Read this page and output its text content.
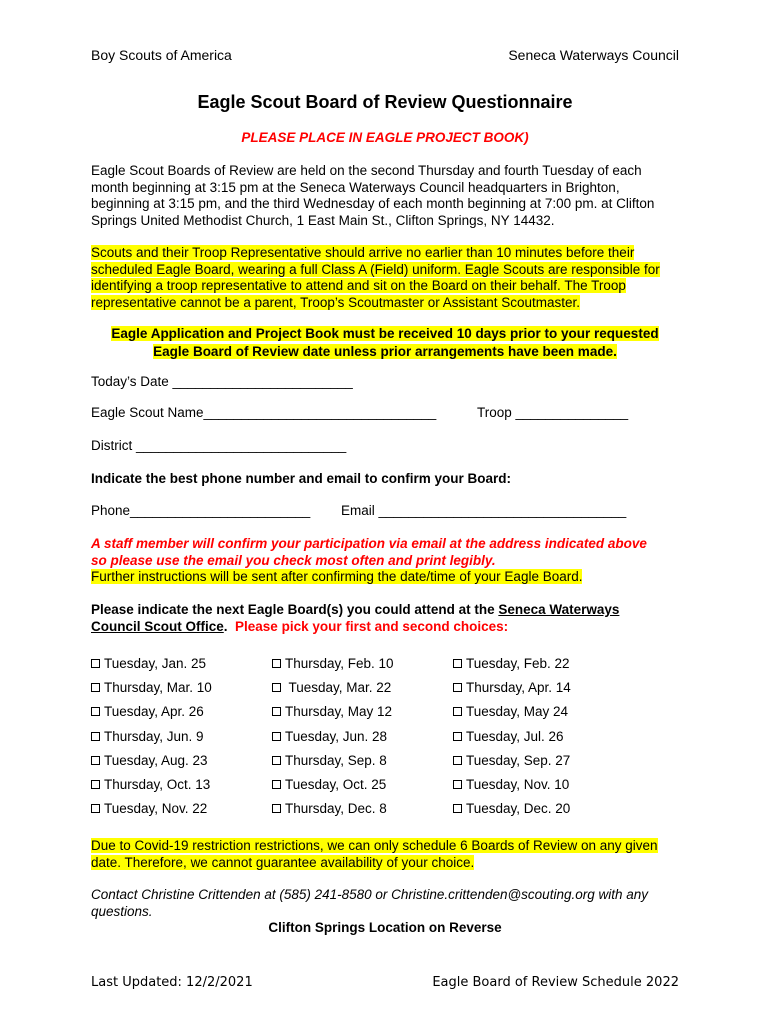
Boy Scouts of America	Seneca Waterways Council
Eagle Scout Board of Review Questionnaire
PLEASE PLACE IN EAGLE PROJECT BOOK)
Eagle Scout Boards of Review are held on the second Thursday and fourth Tuesday of each
month beginning at 3:15 pm at the Seneca Waterways Council headquarters in Brighton,
beginning at 3:15 pm, and the third Wednesday of each month beginning at 7:00 pm. at Clifton
Springs United Methodist Church, 1 East Main St., Clifton Springs, NY 14432.
Scouts and their Troop Representative should arrive no earlier than 10 minutes before their
scheduled Eagle Board, wearing a full Class A (Field) uniform. Eagle Scouts are responsible for
identifying a troop representative to attend and sit on the Board on their behalf. The Troop
representative cannot be a parent, Troop’s Scoutmaster or Assistant Scoutmaster.
Eagle Application and Project Book must be received 10 days prior to your requested
Eagle Board of Review date unless prior arrangements have been made.
Today’s Date ________________________
Eagle Scout Name_______________________________	Troop _______________
District ____________________________
Indicate the best phone number and email to confirm your Board:
Phone________________________ Email _________________________________
A staff member will confirm your participation via email at the address indicated above
so please use the email you check most often and print legibly.
Further instructions will be sent after confirming the date/time of your Eagle Board.
Please indicate the next Eagle Board(s) you could attend at the Seneca Waterways
Council Scout Office.  Please pick your first and second choices:
Tuesday, Jan. 25	Thursday, Feb. 10	Tuesday, Feb. 22
Thursday, Mar. 10	Tuesday, Mar. 22	Thursday, Apr. 14
Tuesday, Apr. 26	Thursday, May 12	Tuesday, May 24
Thursday, Jun. 9	Tuesday, Jun. 28	Tuesday, Jul. 26
Tuesday, Aug. 23	Thursday, Sep. 8	Tuesday, Sep. 27
Thursday, Oct. 13	Tuesday, Oct. 25	Tuesday, Nov. 10
Tuesday, Nov. 22	Thursday, Dec. 8	Tuesday, Dec. 20
Due to Covid-19 restriction restrictions, we can only schedule 6 Boards of Review on any given
date. Therefore, we cannot guarantee availability of your choice.
Contact Christine Crittenden at (585) 241-8580 or Christine.crittenden@scouting.org with any
questions.
Clifton Springs Location on Reverse
Last Updated: 12/2/2021	Eagle Board of Review Schedule 2022
